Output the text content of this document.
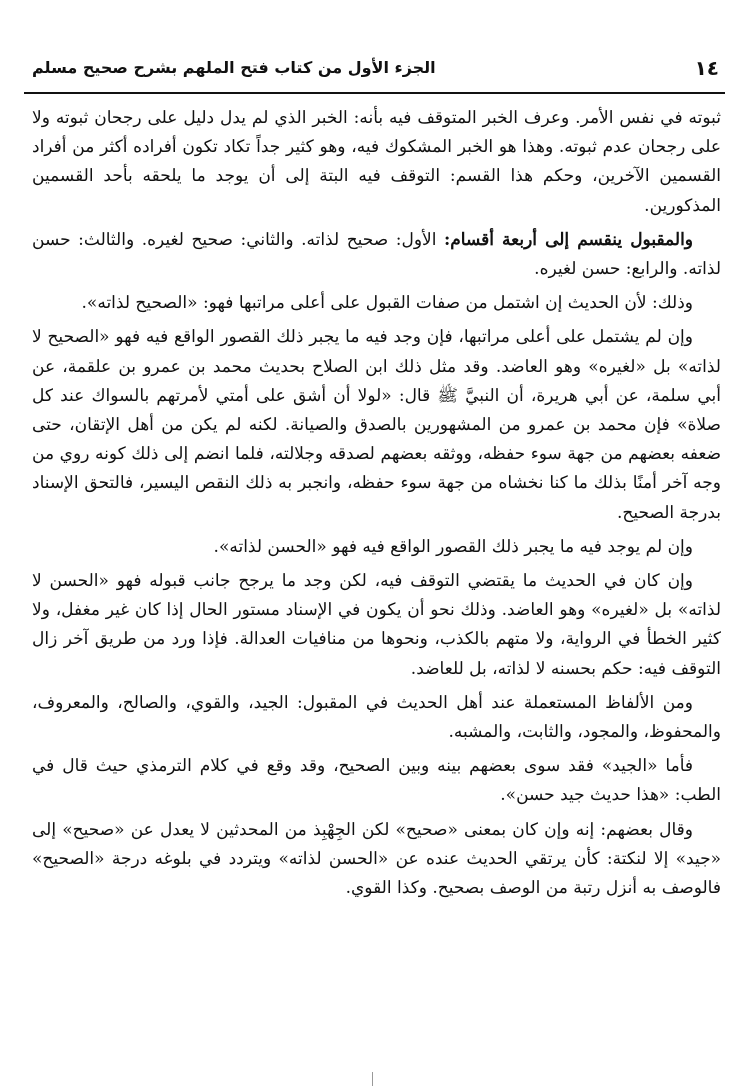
١٤
الجزء الأول من كتاب فتح الملهم بشرح صحيح مسلم

ثبوته في نفس الأمر. وعرف الخبر المتوقف فيه بأنه: الخبر الذي لم يدل دليل على رجحان ثبوته ولا على رجحان عدم ثبوته. وهذا هو الخبر المشكوك فيه، وهو كثير جداً تكاد تكون أفراده أكثر من أفراد القسمين الآخرين، وحكم هذا القسم: التوقف فيه البتة إلى أن يوجد ما يلحقه بأحد القسمين المذكورين.

والمقبول ينقسم إلى أربعة أقسام: الأول: صحيح لذاته. والثاني: صحيح لغيره. والثالث: حسن لذاته. والرابع: حسن لغيره.

وذلك: لأن الحديث إن اشتمل من صفات القبول على أعلى مراتبها فهو: «الصحيح لذاته».

وإن لم يشتمل على أعلى مراتبها، فإن وجد فيه ما يجبر ذلك القصور الواقع فيه فهو «الصحيح لا لذاته» بل «لغيره» وهو العاضد. وقد مثل ذلك ابن الصلاح بحديث محمد بن عمرو بن علقمة، عن أبي سلمة، عن أبي هريرة، أن النبيَّ ﷺ قال: «لولا أن أشق على أمتي لأمرتهم بالسواك عند كل صلاة» فإن محمد بن عمرو من المشهورين بالصدق والصيانة. لكنه لم يكن من أهل الإتقان، حتى ضعفه بعضهم من جهة سوء حفظه، ووثقه بعضهم لصدقه وجلالته، فلما انضم إلى ذلك كونه روي من وجه آخر أمنًا بذلك ما كنا نخشاه من جهة سوء حفظه، وانجبر به ذلك النقص اليسير، فالتحق الإسناد بدرجة الصحيح.

وإن لم يوجد فيه ما يجبر ذلك القصور الواقع فيه فهو «الحسن لذاته».

وإن كان في الحديث ما يقتضي التوقف فيه، لكن وجد ما يرجح جانب قبوله فهو «الحسن لا لذاته» بل «لغيره» وهو العاضد. وذلك نحو أن يكون في الإسناد مستور الحال إذا كان غير مغفل، ولا كثير الخطأ في الرواية، ولا متهم بالكذب، ونحوها من منافيات العدالة. فإذا ورد من طريق آخر زال التوقف فيه: حكم بحسنه لا لذاته، بل للعاضد.

ومن الألفاظ المستعملة عند أهل الحديث في المقبول: الجيد، والقوي، والصالح، والمعروف، والمحفوظ، والمجود، والثابت، والمشبه.

فأما «الجيد» فقد سوى بعضهم بينه وبين الصحيح، وقد وقع في كلام الترمذي حيث قال في الطب: «هذا حديث جيد حسن».

وقال بعضهم: إنه وإن كان بمعنى «صحيح» لكن الجِهْبِذ من المحدثين لا يعدل عن «صحيح» إلى «جيد» إلا لنكتة: كأن يرتقي الحديث عنده عن «الحسن لذاته» ويتردد في بلوغه درجة «الصحيح» فالوصف به أنزل رتبة من الوصف بصحيح. وكذا القوي.
